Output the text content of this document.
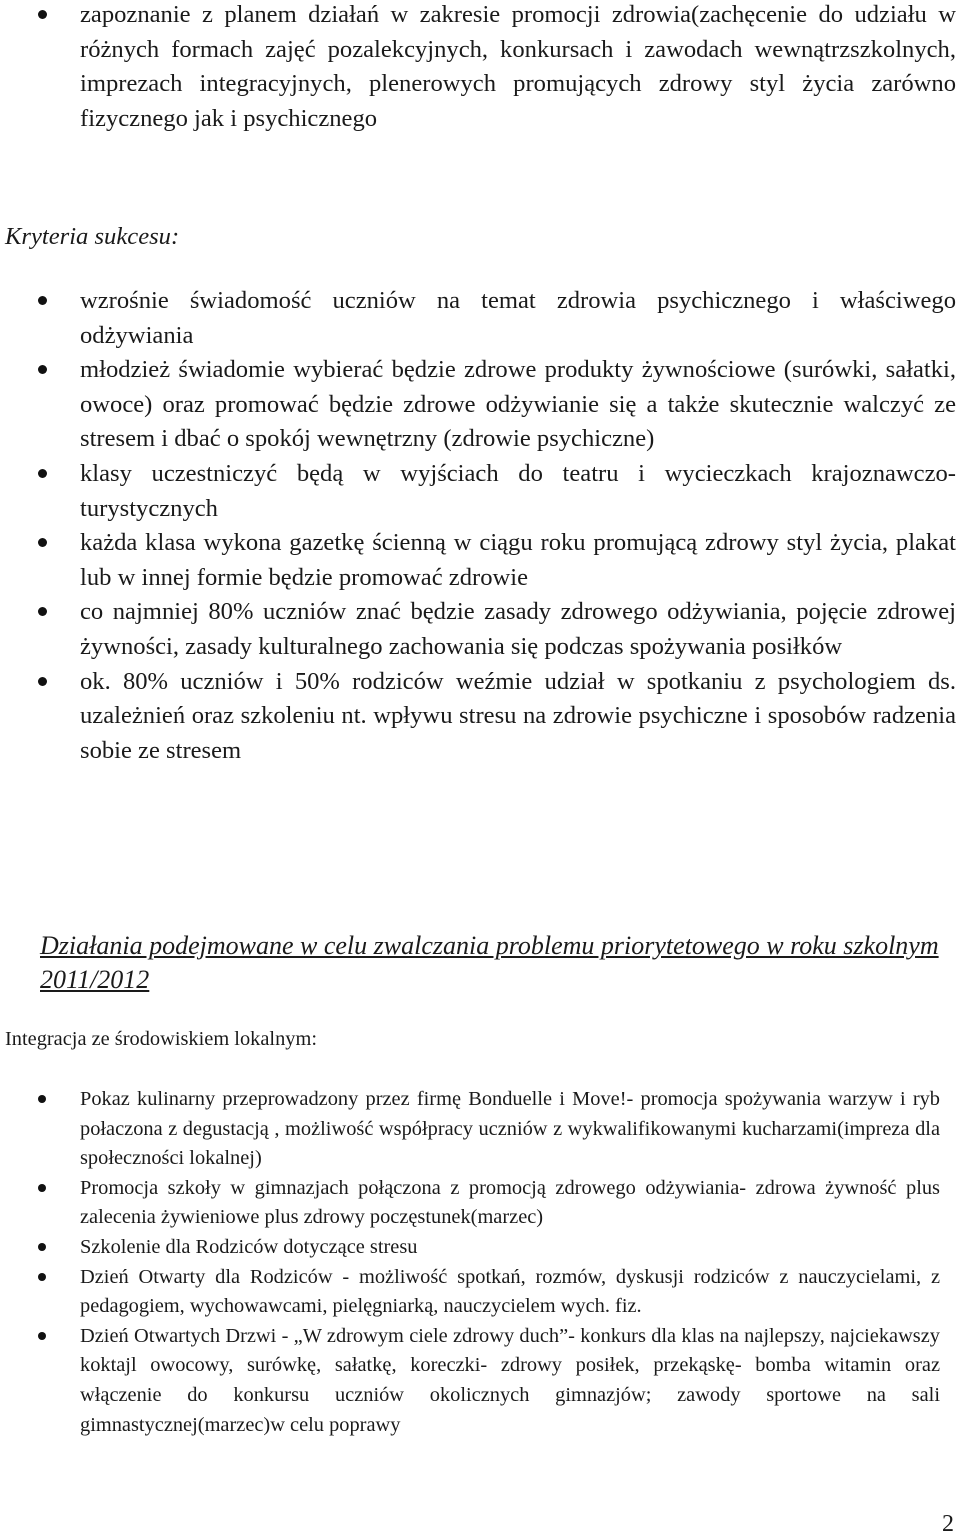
zapoznanie z planem działań w zakresie promocji zdrowia(zachęcenie do udziału w różnych formach zajęć pozalekcyjnych, konkursach i zawodach wewnątrzszkolnych, imprezach integracyjnych, plenerowych promujących zdrowy styl życia zarówno fizycznego jak i psychicznego
Kryteria sukcesu:
wzrośnie świadomość uczniów na temat zdrowia psychicznego i właściwego odżywiania
młodzież świadomie wybierać będzie zdrowe produkty żywnościowe (surówki, sałatki, owoce) oraz promować będzie zdrowe odżywianie się a także skutecznie walczyć ze stresem i dbać o spokój wewnętrzny (zdrowie psychiczne)
klasy uczestniczyć będą w wyjściach do teatru i wycieczkach krajoznawczo-turystycznych
każda klasa wykona gazetkę ścienną w ciągu roku promującą zdrowy styl życia, plakat lub w innej formie będzie promować zdrowie
co najmniej 80% uczniów znać będzie zasady zdrowego odżywiania, pojęcie zdrowej żywności, zasady kulturalnego zachowania się podczas spożywania posiłków
ok. 80% uczniów i 50% rodziców weźmie udział w spotkaniu z psychologiem ds. uzależnień oraz szkoleniu nt. wpływu stresu na zdrowie psychiczne i sposobów radzenia sobie ze stresem
Działania podejmowane w celu zwalczania problemu priorytetowego w roku szkolnym 2011/2012

Integracja ze środowiskiem lokalnym:

Pokaz kulinarny przeprowadzony przez firmę Bonduelle i Move!- promocja spożywania warzyw i ryb połaczona z degustacją , możliwość współpracy uczniów z wykwalifikowanymi kucharzami(impreza dla społeczności lokalnej)
Promocja szkoły w gimnazjach połączona z promocją zdrowego odżywiania- zdrowa żywność plus zalecenia żywieniowe plus zdrowy poczęstunek(marzec)
Szkolenie dla Rodziców dotyczące stresu
Dzień Otwarty dla Rodziców - możliwość spotkań, rozmów, dyskusji rodziców z nauczycielami, z pedagogiem, wychowawcami, pielęgniarką, nauczycielem wych. fiz.
Dzień Otwartych Drzwi - „W zdrowym ciele zdrowy duch”- konkurs dla klas na najlepszy, najciekawszy koktajl owocowy, surówkę, sałatkę, koreczki- zdrowy posiłek, przekąskę- bomba witamin oraz włączenie do konkursu uczniów okolicznych gimnazjów; zawody sportowe na sali gimnastycznej(marzec)w celu poprawy
2
